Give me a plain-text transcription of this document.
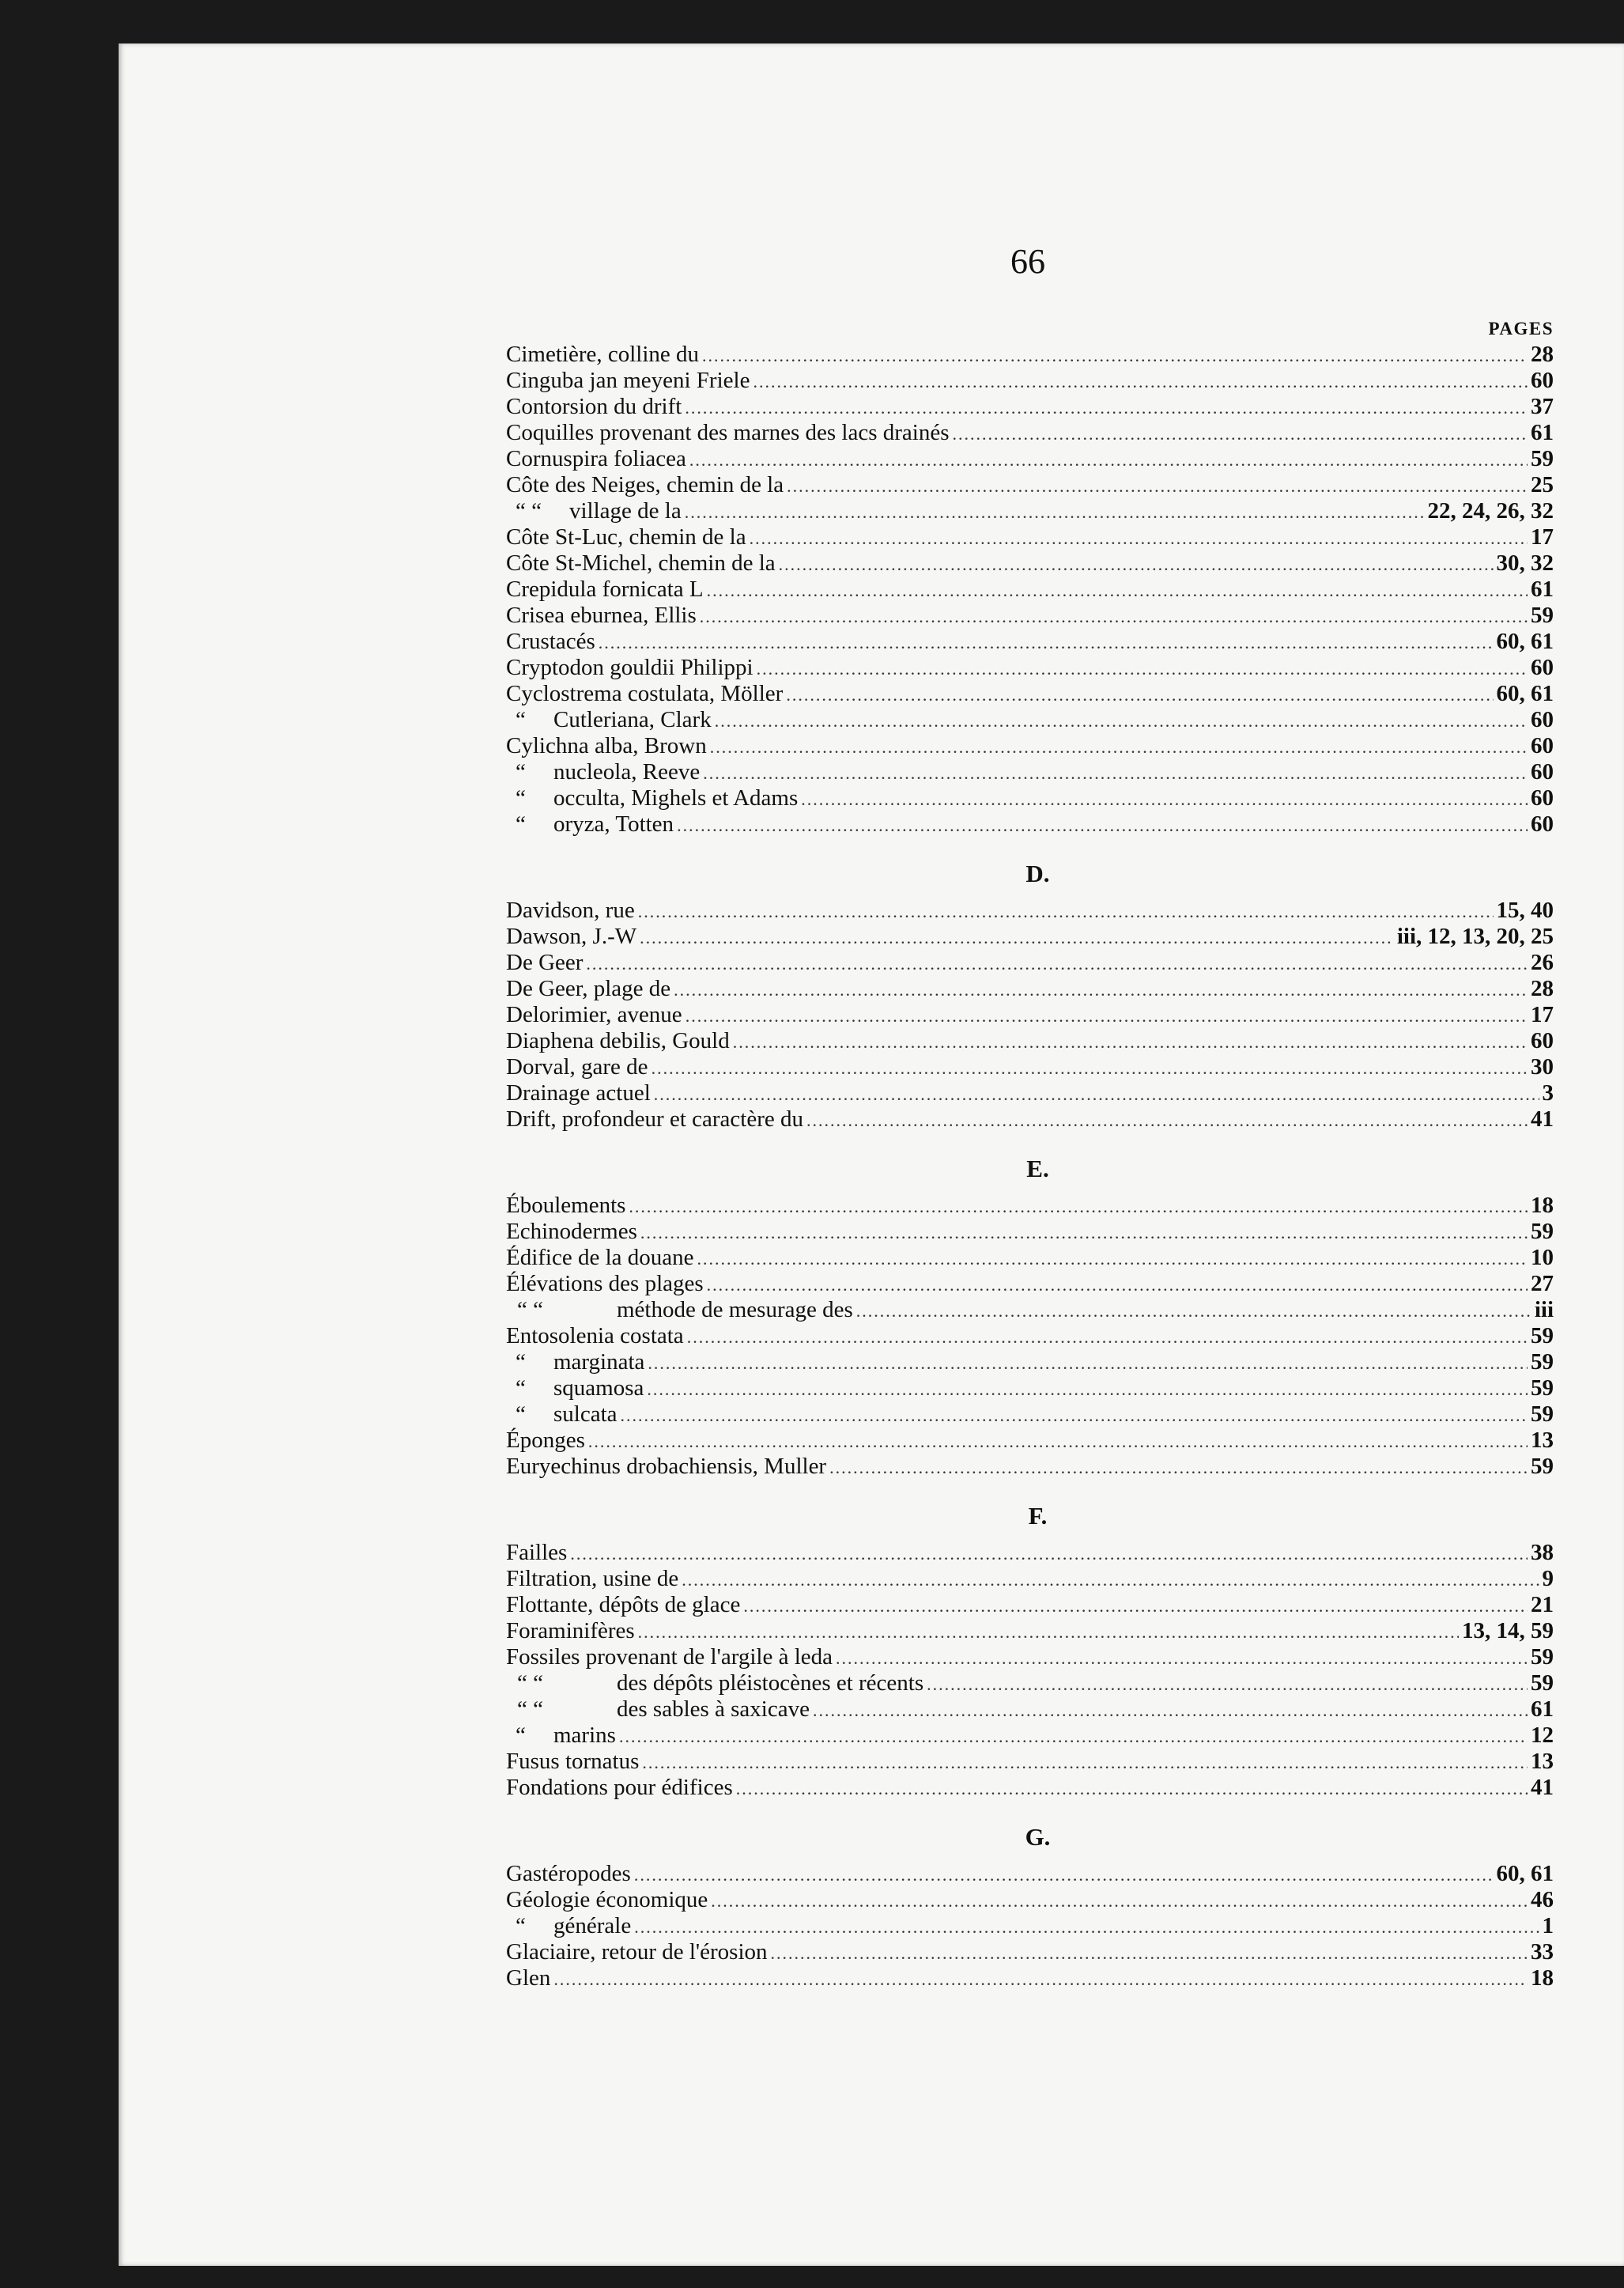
66
PAGES
Cimetière, colline du .....	28
Cinguba jan meyeni Friele .....	60
Contorsion du drift .....	37
Coquilles provenant des marnes des lacs drainés .....	61
Cornuspira foliacea .....	59
Côte des Neiges, chemin de la .....	25
“ “ village de la .....	22, 24, 26, 32
Côte St-Luc, chemin de la .....	17
Côte St-Michel, chemin de la .....	30, 32
Crepidula fornicata L .....	61
Crisea eburnea, Ellis .....	59
Crustacés .....	60, 61
Cryptodon gouldii Philippi .....	60
Cyclostrema costulata, Möller .....	60, 61
“ Cutleriana, Clark .....	60
Cylichna alba, Brown .....	60
“ nucleola, Reeve .....	60
“ occulta, Mighels et Adams .....	60
“ oryza, Totten .....	60
D.
Davidson, rue .....	15, 40
Dawson, J.-W .....	iii, 12, 13, 20, 25
De Geer .....	26
De Geer, plage de .....	28
Delorimier, avenue .....	17
Diaphena debilis, Gould .....	60
Dorval, gare de .....	30
Drainage actuel .....	3
Drift, profondeur et caractère du .....	41
E.
Éboulements .....	18
Echinodermes .....	59
Édifice de la douane .....	10
Élévations des plages .....	27
“ “	méthode de mesurage des .....	iii
Entosolenia costata .....	59
“ marginata .....	59
“ squamosa .....	59
“ sulcata .....	59
Éponges .....	13
Euryechinus drobachiensis, Muller .....	59
F.
Failles .....	38
Filtration, usine de .....	9
Flottante, dépôts de glace .....	21
Foraminifères .....	13, 14, 59
Fossiles provenant de l'argile à leda .....	59
“ “	des dépôts pléistocènes et récents .....	59
“ “	des sables à saxicave .....	61
“ marins .....	12
Fusus tornatus .....	13
Fondations pour édifices .....	41
G.
Gastéropodes .....	60, 61
Géologie économique .....	46
“ générale .....	1
Glaciaire, retour de l'érosion .....	33
Glen .....	18
